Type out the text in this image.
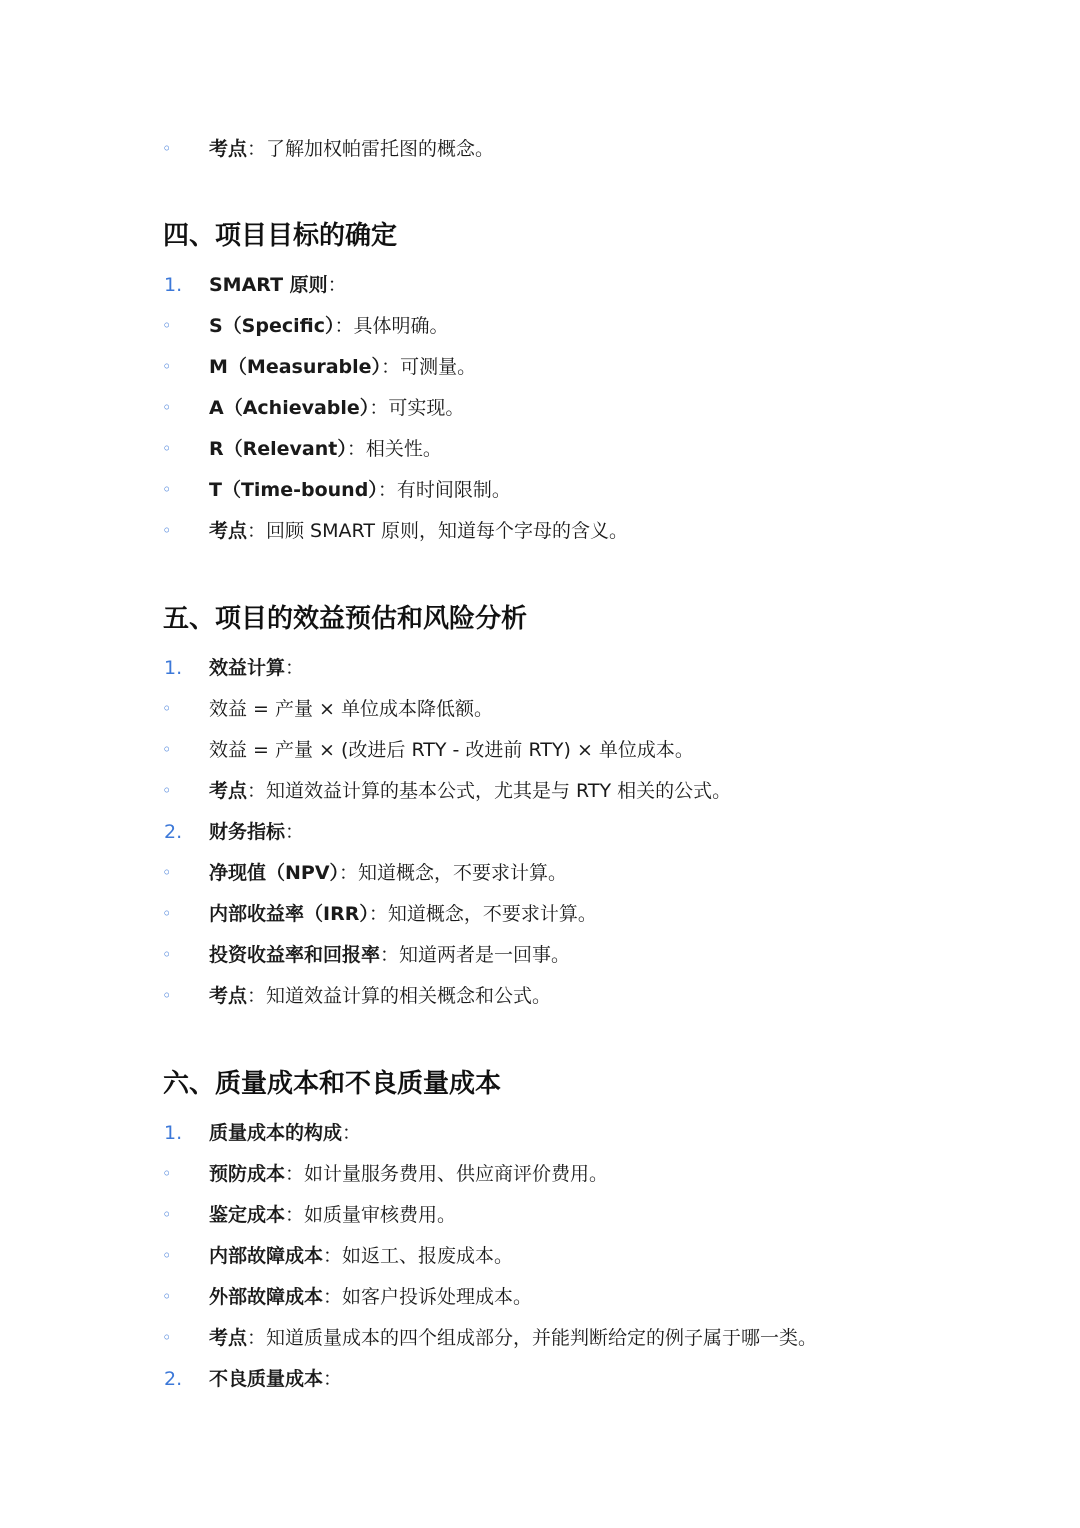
◦	考点：了解加权帕雷托图的概念。
四、项目目标的确定
1.	SMART 原则：
◦	S（Specific）：具体明确。
◦	M（Measurable）：可测量。
◦	A（Achievable）：可实现。
◦	R（Relevant）：相关性。
◦	T（Time-bound）：有时间限制。
◦	考点：回顾 SMART 原则，知道每个字母的含义。
五、项目的效益预估和风险分析
1.	效益计算：
◦	效益 = 产量 × 单位成本降低额。
◦	效益 = 产量 × (改进后 RTY - 改进前 RTY) × 单位成本。
◦	考点：知道效益计算的基本公式，尤其是与 RTY 相关的公式。
2.	财务指标：
◦	净现值（NPV）：知道概念，不要求计算。
◦	内部收益率（IRR）：知道概念，不要求计算。
◦	投资收益率和回报率：知道两者是一回事。
◦	考点：知道效益计算的相关概念和公式。
六、质量成本和不良质量成本
1.	质量成本的构成：
◦	预防成本：如计量服务费用、供应商评价费用。
◦	鉴定成本：如质量审核费用。
◦	内部故障成本：如返工、报废成本。
◦	外部故障成本：如客户投诉处理成本。
◦	考点：知道质量成本的四个组成部分，并能判断给定的例子属于哪一类。
2.	不良质量成本：
